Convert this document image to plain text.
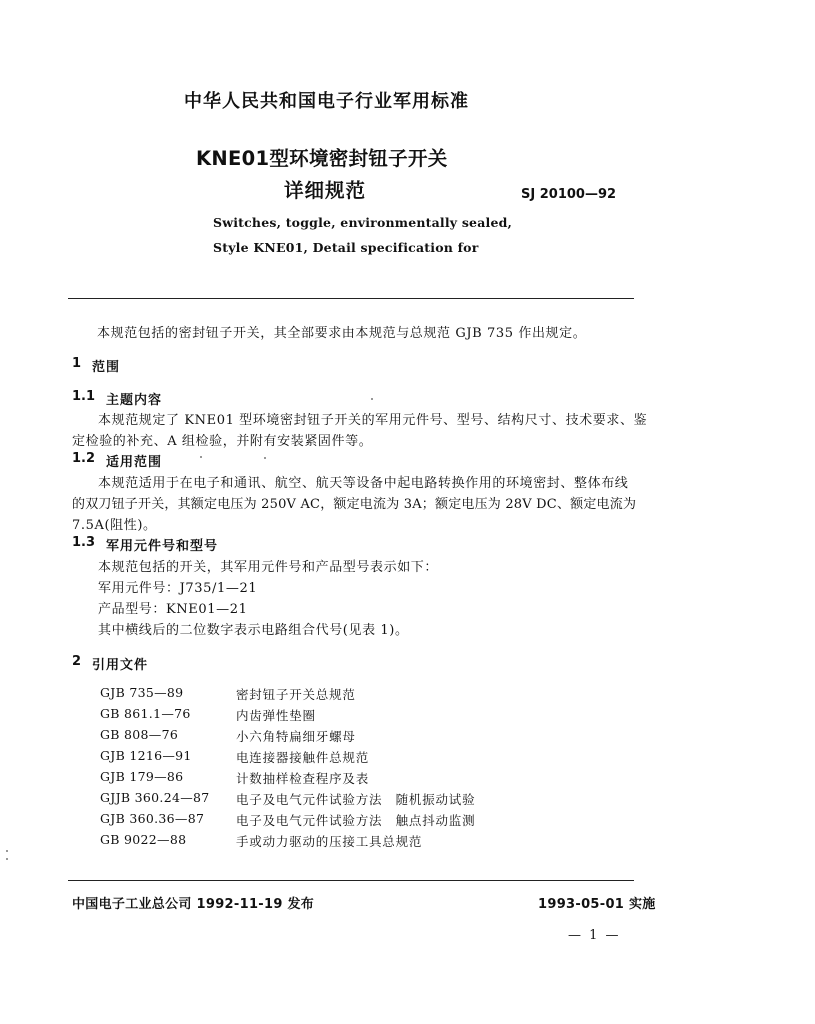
中华人民共和国电子行业军用标准
KNE01型环境密封钮子开关
详细规范	SJ 20100—92
Switches, toggle, environmentally sealed,
Style KNE01, Detail specification for
本规范包括的密封钮子开关，其全部要求由本规范与总规范 GJB 735 作出规定。
1 范围
1.1 主题内容
本规范规定了 KNE01 型环境密封钮子开关的军用元件号、型号、结构尺寸、技术要求、鉴
定检验的补充、A 组检验，并附有安装紧固件等。
1.2 适用范围
本规范适用于在电子和通讯、航空、航天等设备中起电路转换作用的环境密封、整体布线
的双刀钮子开关，其额定电压为 250V AC，额定电流为 3A；额定电压为 28V DC、额定电流为
7.5A(阻性)。
1.3 军用元件号和型号
本规范包括的开关，其军用元件号和产品型号表示如下：
军用元件号：J735/1—21
产品型号：KNE01—21
其中横线后的二位数字表示电路组合代号(见表 1)。
2 引用文件
GJB 735—89	密封钮子开关总规范
GB 861.1—76	内齿弹性垫圈
GB 808—76	小六角特扁细牙螺母
GJB 1216—91	电连接器接触件总规范
GJB 179—86	计数抽样检查程序及表
GJJB 360.24—87 电子及电气元件试验方法　随机振动试验
GJB 360.36—87	电子及电气元件试验方法　触点抖动监测
GB 9022—88	手或动力驱动的压接工具总规范
中国电子工业总公司 1992-11-19 发布	1993-05-01 实施
— 1 —
